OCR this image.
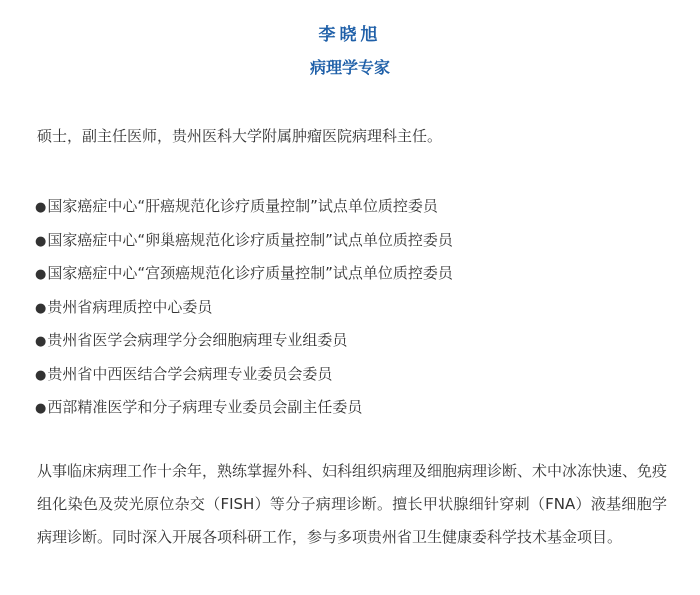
李晓旭
病理学专家
硕士，副主任医师，贵州医科大学附属肿瘤医院病理科主任。
●国家癌症中心“肝癌规范化诊疗质量控制”试点单位质控委员
●国家癌症中心“卵巢癌规范化诊疗质量控制”试点单位质控委员
●国家癌症中心“宫颈癌规范化诊疗质量控制”试点单位质控委员
●贵州省病理质控中心委员
●贵州省医学会病理学分会细胞病理专业组委员
●贵州省中西医结合学会病理专业委员会委员
●西部精准医学和分子病理专业委员会副主任委员
从事临床病理工作十余年，熟练掌握外科、妇科组织病理及细胞病理诊断、术中冰冻快速、免疫组化染色及荧光原位杂交（FISH）等分子病理诊断。擅长甲状腺细针穿刺（FNA）液基细胞学病理诊断。同时深入开展各项科研工作，参与多项贵州省卫生健康委科学技术基金项目。
